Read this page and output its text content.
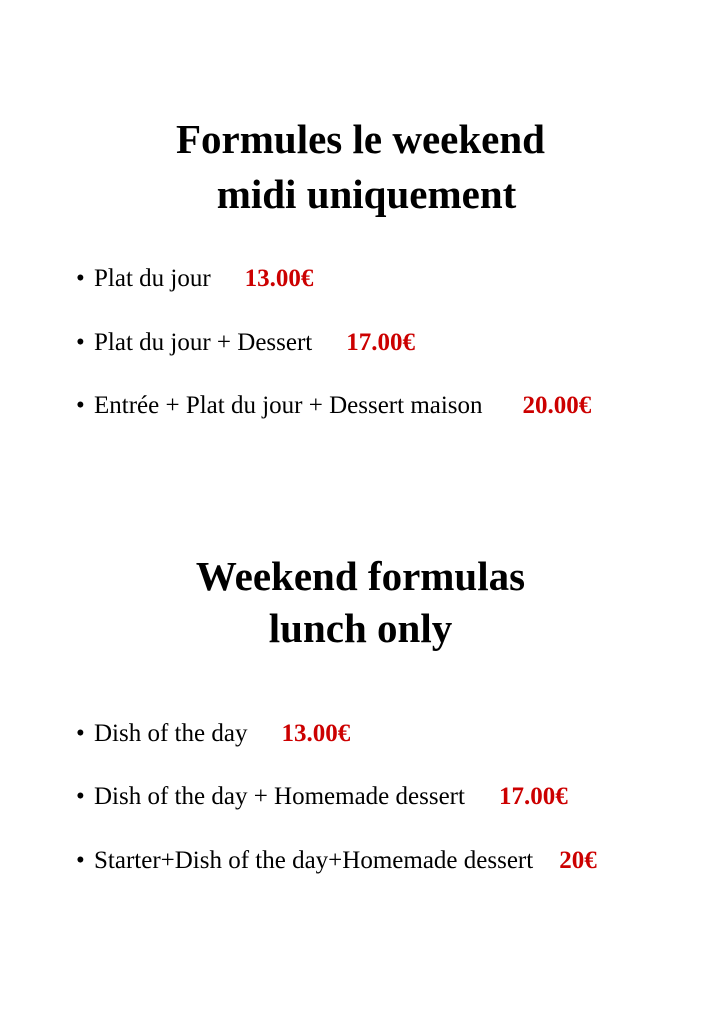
Formules le weekend
midi uniquement
• Plat du jour 13.00€
• Plat du jour + Dessert 17.00€
• Entrée + Plat du jour + Dessert maison 20.00€
Weekend formulas
lunch only
• Dish of the day 13.00€
• Dish of the day + Homemade dessert 17.00€
• Starter+Dish of the day+Homemade dessert 20€
